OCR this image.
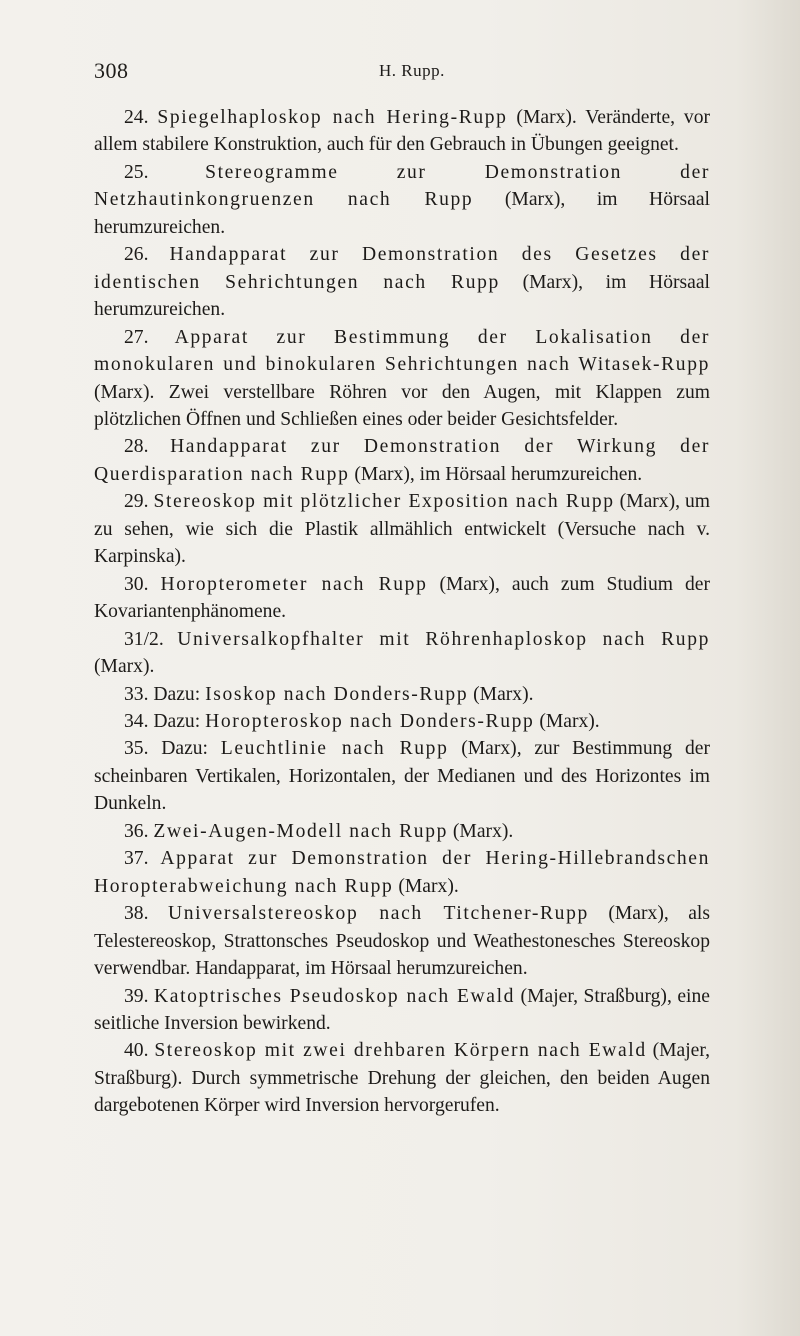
308	H. Rupp.

24. Spiegelhaploskop nach Hering-Rupp (Marx). Veränderte, vor allem stabilere Konstruktion, auch für den Gebrauch in Übungen geeignet.

25.	Stereogramme zur Demonstration der Netzhautinkongruenzen nach Rupp (Marx), im Hörsaal herumzureichen.

26. Handapparat zur Demonstration des Gesetzes der identischen Sehrichtungen nach Rupp (Marx), im Hörsaal herumzureichen.

27. Apparat zur Bestimmung der Lokalisation der monokularen und binokularen Sehrichtungen nach Witasek-Rupp (Marx). Zwei verstellbare Röhren vor den Augen, mit Klappen zum plötzlichen Öffnen und Schließen eines oder beider Gesichtsfelder.

28. Handapparat zur Demonstration der Wirkung der Querdisparation nach Rupp (Marx), im Hörsaal herumzureichen.

29. Stereoskop mit plötzlicher Exposition nach Rupp (Marx), um zu sehen, wie sich die Plastik allmählich entwickelt (Versuche nach v. Karpinska).

30. Horopterometer nach Rupp (Marx), auch zum Studium der Kovariantenphänomene.

31/2. Universalkopfhalter mit Röhrenhaploskop nach Rupp (Marx).

33. Dazu: Isoskop nach Donders-Rupp (Marx).

34. Dazu: Horopteroskop nach Donders-Rupp (Marx).

35. Dazu: Leuchtlinie nach Rupp (Marx), zur Bestimmung der scheinbaren Vertikalen, Horizontalen, der Medianen und des Horizontes im Dunkeln.

36. Zwei-Augen-Modell nach Rupp (Marx).

37. Apparat zur Demonstration der Hering-Hillebrandschen Horopterabweichung nach Rupp (Marx).

38. Universalstereoskop nach Titchener-Rupp (Marx), als Telestereoskop, Strattonsches Pseudoskop und Weathestonesches Stereoskop verwendbar. Handapparat, im Hörsaal herumzureichen.

39. Katoptrisches Pseudoskop nach Ewald (Majer, Straßburg), eine seitliche Inversion bewirkend.

40. Stereoskop mit zwei drehbaren Körpern nach Ewald (Majer, Straßburg). Durch symmetrische Drehung der gleichen, den beiden Augen dargebotenen Körper wird Inversion hervorgerufen.
